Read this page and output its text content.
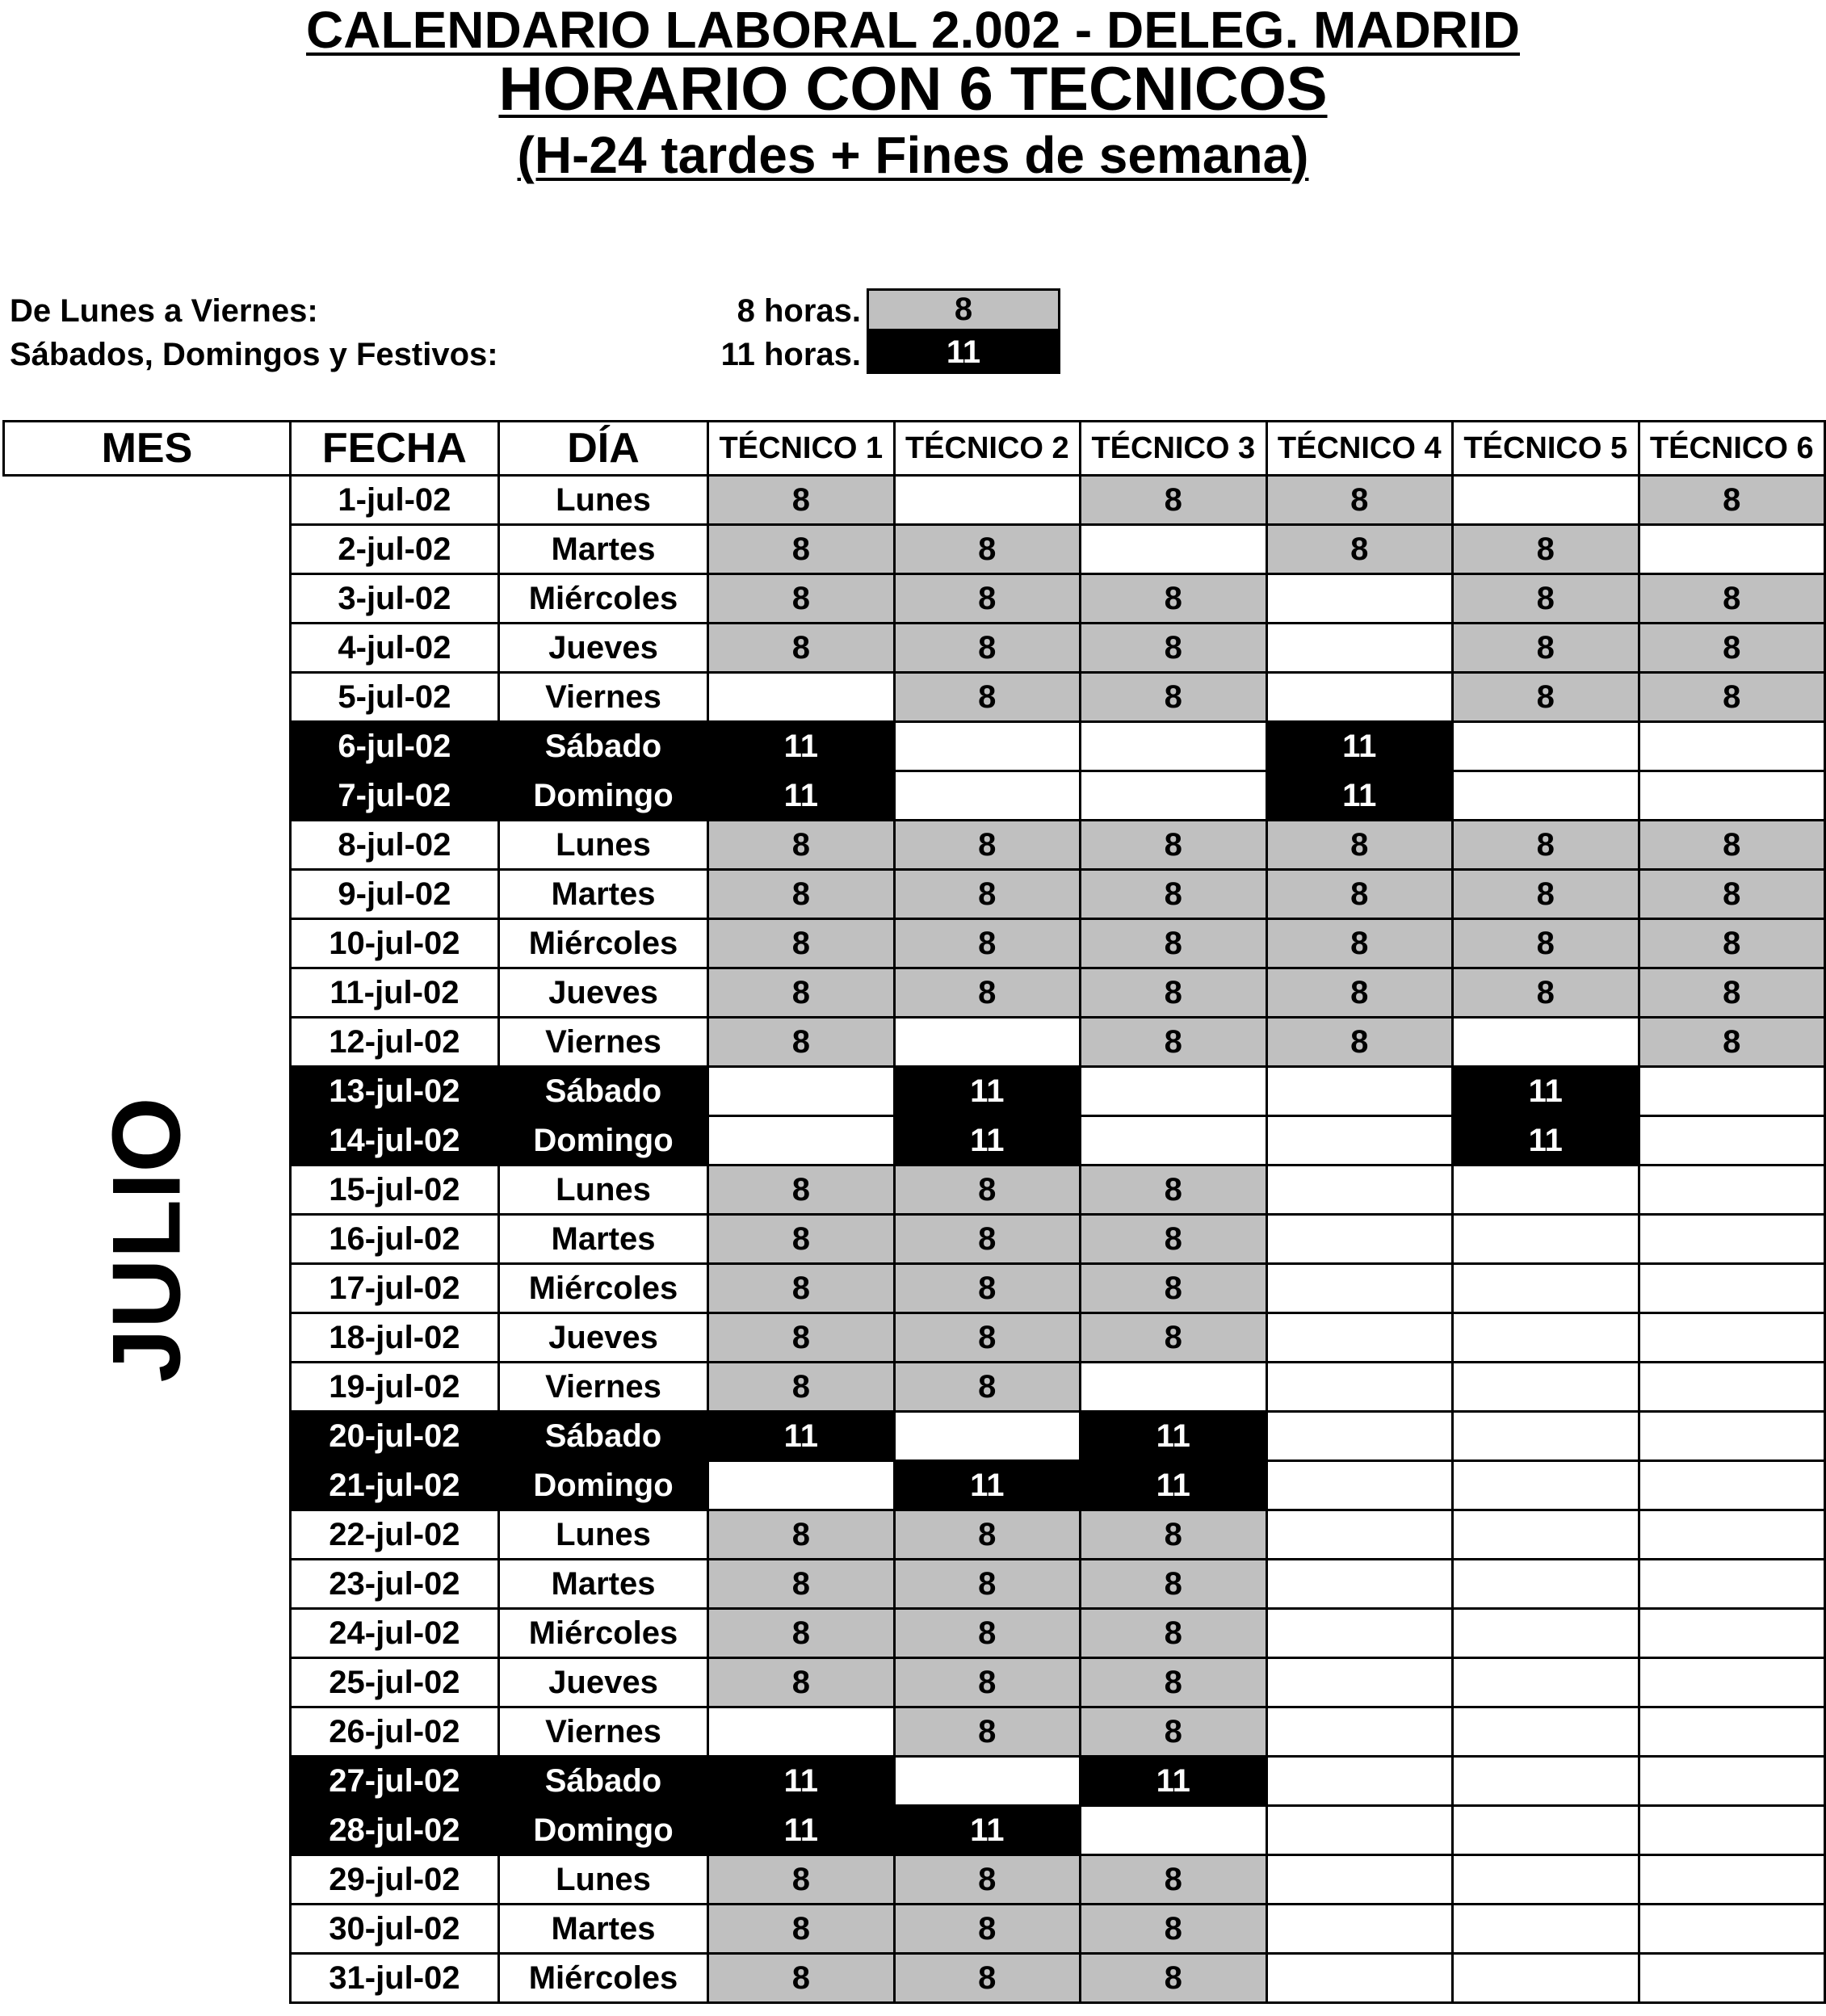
CALENDARIO LABORAL 2.002 - DELEG. MADRID
HORARIO CON 6 TECNICOS
(H-24 tardes + Fines de semana)
De Lunes a Viernes:	8 horas.	8
Sábados, Domingos y Festivos:	11 horas.	11
MES	FECHA	DÍA	TÉCNICO 1	TÉCNICO 2	TÉCNICO 3	TÉCNICO 4	TÉCNICO 5	TÉCNICO 6
JULIO	1-jul-02	Lunes	8		8	8		8
	2-jul-02	Martes	8	8		8	8	
	3-jul-02	Miércoles	8	8	8		8	8
	4-jul-02	Jueves	8	8	8		8	8
	5-jul-02	Viernes		8	8		8	8
	6-jul-02	Sábado	11			11		
	7-jul-02	Domingo	11			11		
	8-jul-02	Lunes	8	8	8	8	8	8
	9-jul-02	Martes	8	8	8	8	8	8
	10-jul-02	Miércoles	8	8	8	8	8	8
	11-jul-02	Jueves	8	8	8	8	8	8
	12-jul-02	Viernes	8		8	8		8
	13-jul-02	Sábado		11			11	
	14-jul-02	Domingo		11			11	
	15-jul-02	Lunes	8	8	8			
	16-jul-02	Martes	8	8	8			
	17-jul-02	Miércoles	8	8	8			
	18-jul-02	Jueves	8	8	8			
	19-jul-02	Viernes	8	8				
	20-jul-02	Sábado	11		11			
	21-jul-02	Domingo		11	11			
	22-jul-02	Lunes	8	8	8			
	23-jul-02	Martes	8	8	8			
	24-jul-02	Miércoles	8	8	8			
	25-jul-02	Jueves	8	8	8			
	26-jul-02	Viernes		8	8			
	27-jul-02	Sábado	11		11			
	28-jul-02	Domingo	11	11				
	29-jul-02	Lunes	8	8	8			
	30-jul-02	Martes	8	8	8			
	31-jul-02	Miércoles	8	8	8			
